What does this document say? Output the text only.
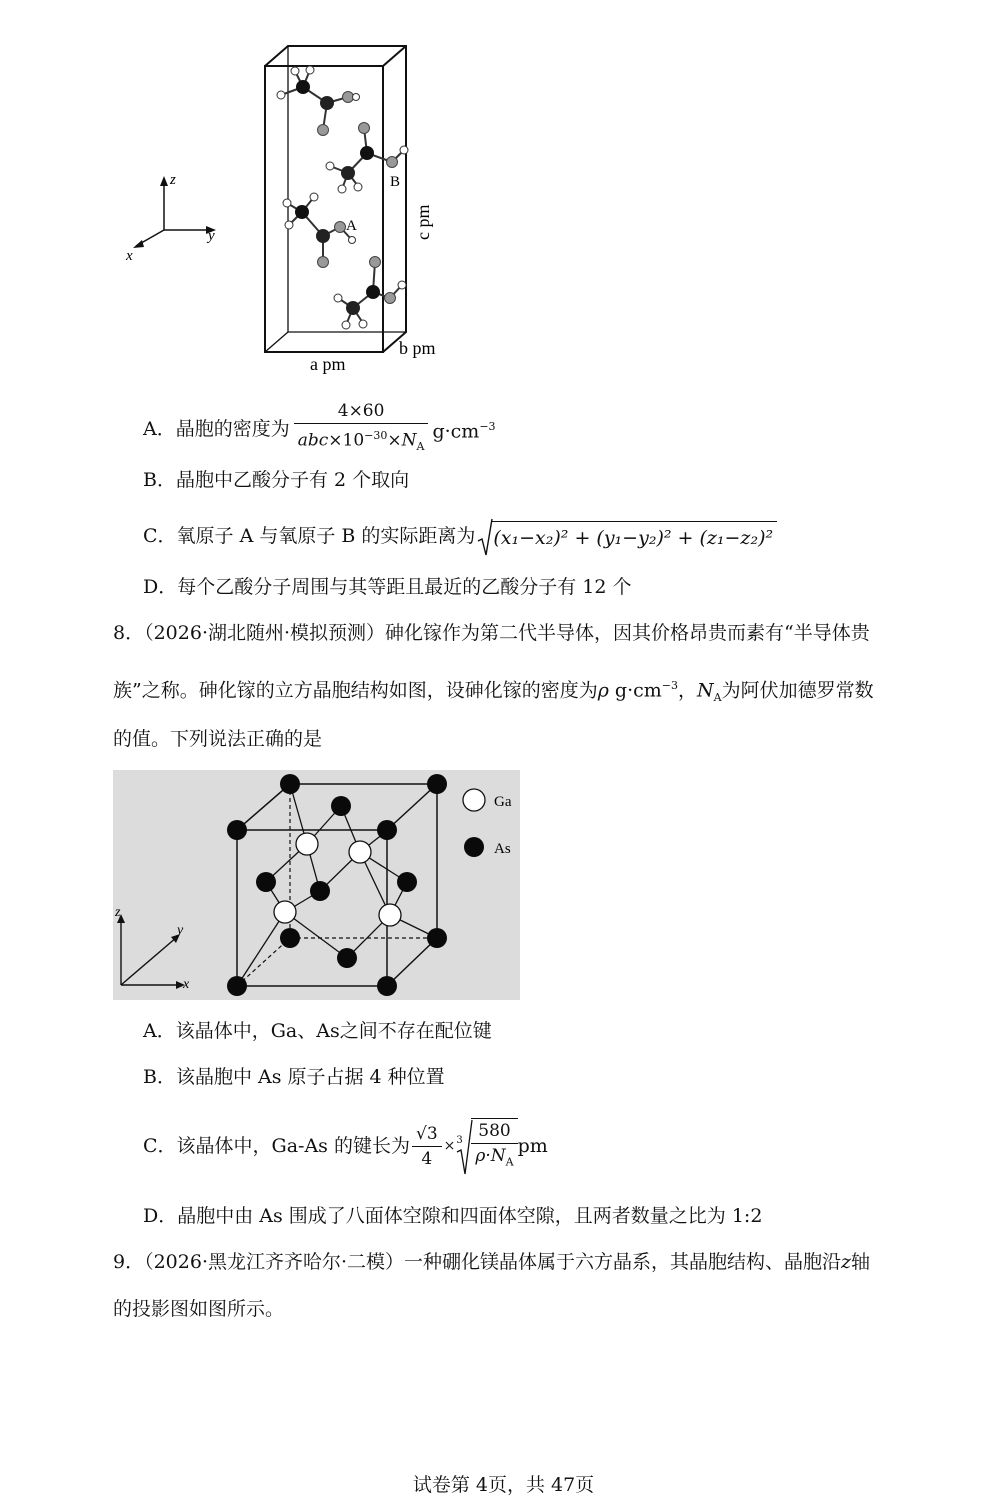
z
y
x
B
A
a pm
b pm
c pm
A．晶胞的密度为 $\frac{4\times 60}{abc\times 10^{-30}\times N_A} g\cdot cm^{-3}$
B．晶胞中乙酸分子有 2 个取向
C．氧原子 A 与氧原子 B 的实际距离为 (x₁−x₂)² + (y₁−y₂)² + (z₁−z₂)²
D．每个乙酸分子周围与其等距且最近的乙酸分子有 12 个
8．（2026·湖北随州·模拟预测）砷化镓作为第二代半导体，因其价格昂贵而素有“半导体贵
族”之称。砷化镓的立方晶胞结构如图，设砷化镓的密度为ρ $g\cdot cm^{-3}$，$N_A$为阿伏加德罗常数
的值。下列说法正确的是
z
y
x
Ga
As
A．该晶体中，Ga、As之间不存在配位键
B．该晶胞中 As 原子占据 4 种位置
C．该晶体中，Ga-As 的键长为 $\frac{√3}{4} \times 3 \frac{580}{\rho\cdot N_A}$ pm
D．晶胞中由 As 围成了八面体空隙和四面体空隙，且两者数量之比为 1:2
9．（2026·黑龙江齐齐哈尔·二模）一种硼化镁晶体属于六方晶系，其晶胞结构、晶胞沿z轴
的投影图如图所示。
试卷第 4页，共 47页
